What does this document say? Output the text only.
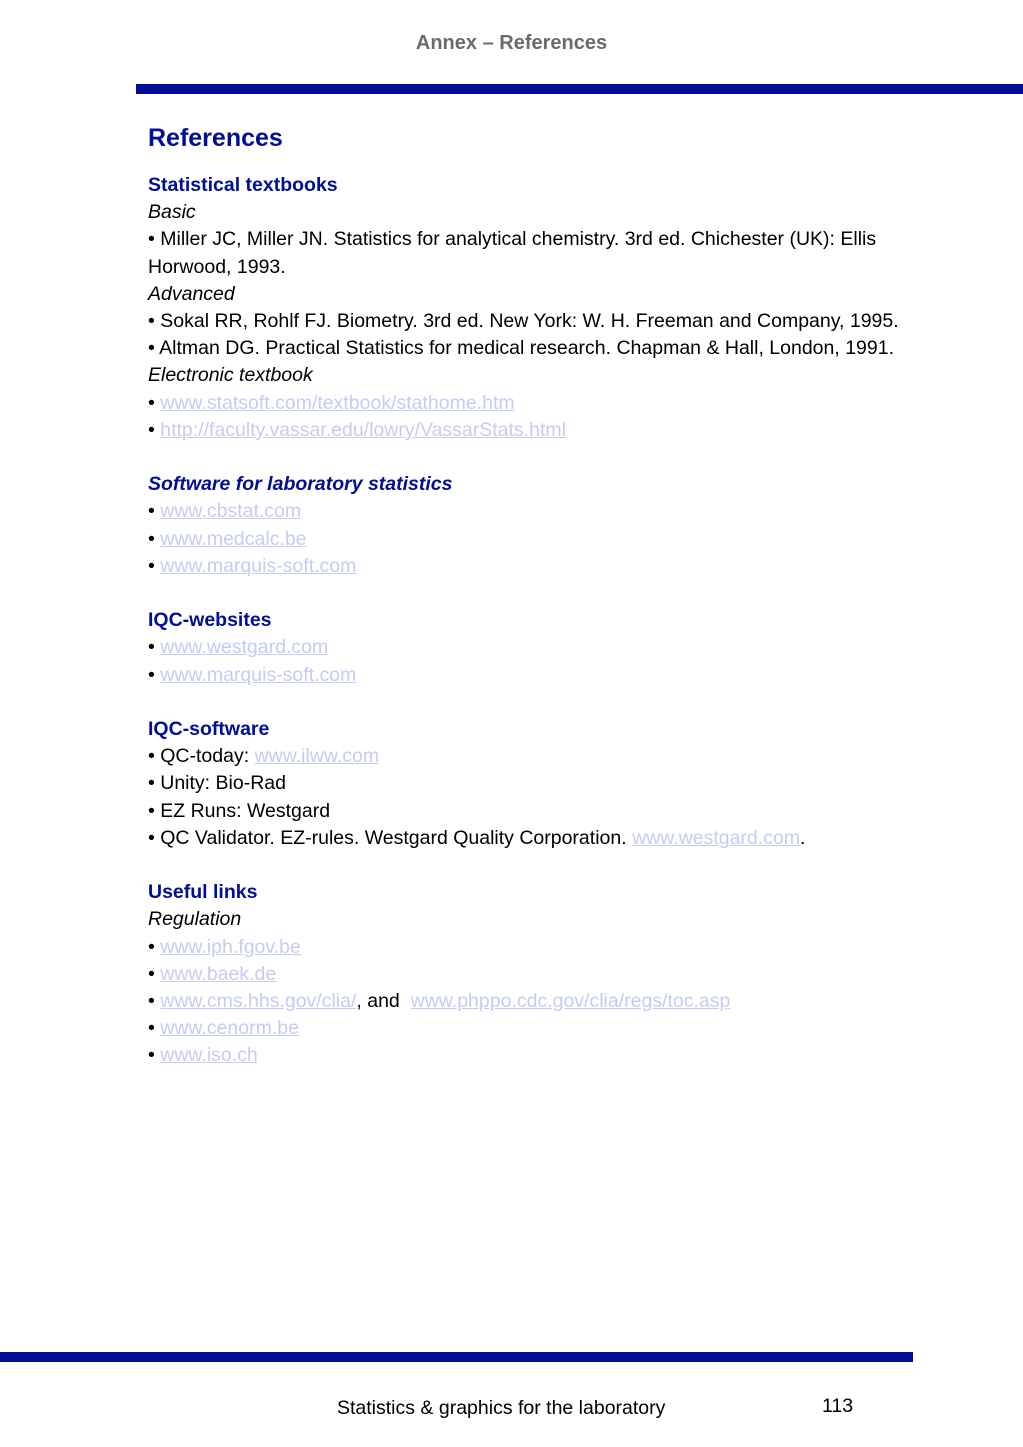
Annex – References
References
Statistical textbooks
Basic
• Miller JC, Miller JN. Statistics for analytical chemistry. 3rd ed. Chichester (UK): Ellis Horwood, 1993.
Advanced
• Sokal RR, Rohlf FJ. Biometry. 3rd ed. New York: W. H. Freeman and Company, 1995.
• Altman DG. Practical Statistics for medical research. Chapman & Hall, London, 1991.
Electronic textbook
• www.statsoft.com/textbook/stathome.htm
• http://faculty.vassar.edu/lowry/VassarStats.html
Software for laboratory statistics
• www.cbstat.com
• www.medcalc.be
• www.marquis-soft.com
IQC-websites
• www.westgard.com
• www.marquis-soft.com
IQC-software
• QC-today: www.ilww.com
• Unity: Bio-Rad
• EZ Runs: Westgard
• QC Validator. EZ-rules. Westgard Quality Corporation. www.westgard.com.
Useful links
Regulation
• www.iph.fgov.be
• www.baek.de
• www.cms.hhs.gov/clia/, and  www.phppo.cdc.gov/clia/regs/toc.asp
• www.cenorm.be
• www.iso.ch
Statistics & graphics for the laboratory	113
